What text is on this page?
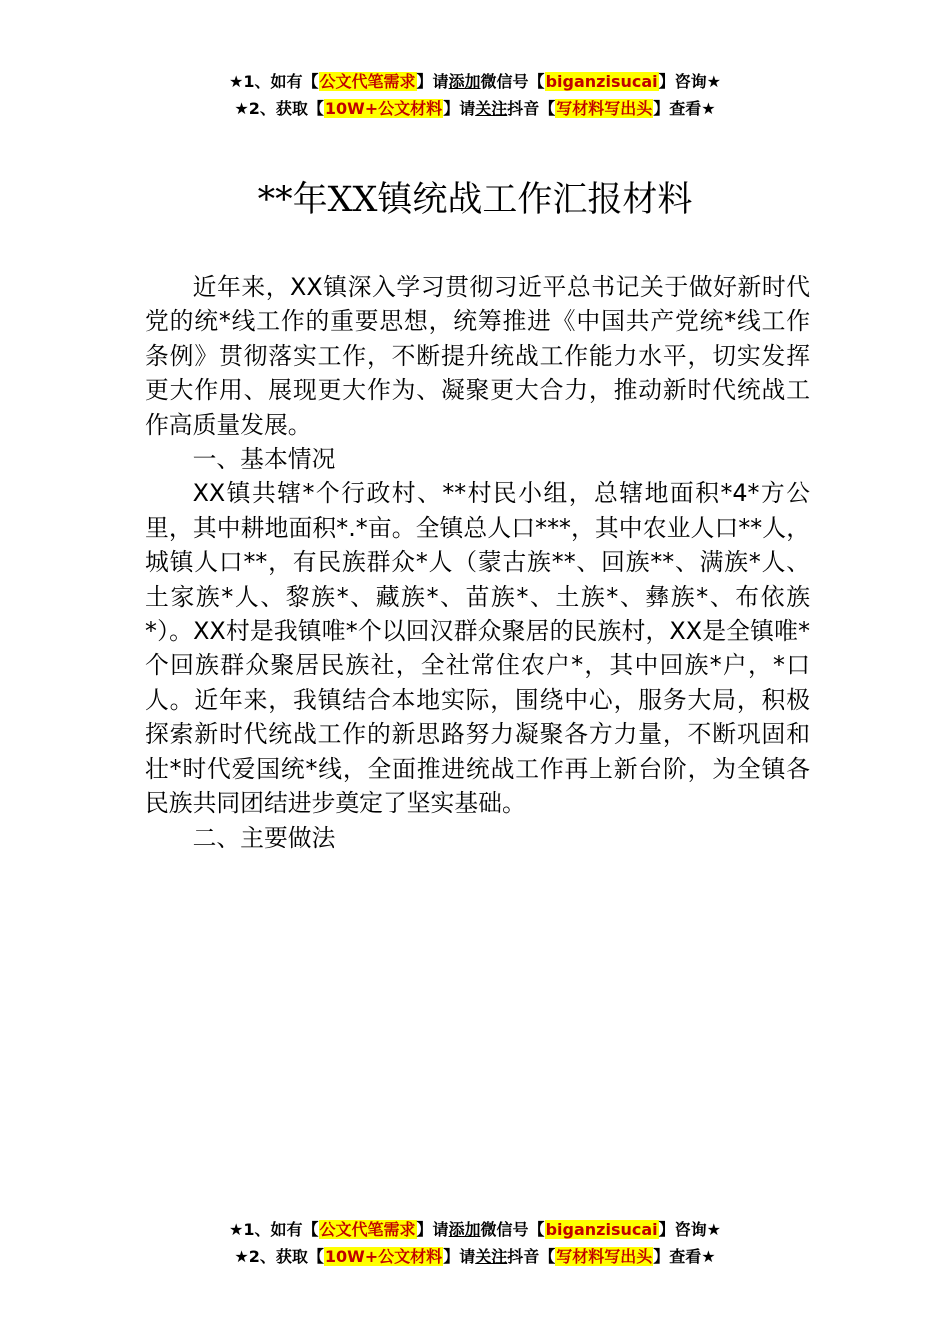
★1、如有【公文代笔需求】请添加微信号【biganzisucai】咨询★
★2、获取【10W+公文材料】请关注抖音【写材料写出头】查看★
**年XX镇统战工作汇报材料

近年来，XX镇深入学习贯彻习近平总书记关于做好新时代党的统*线工作的重要思想，统筹推进《中国共产党统*线工作条例》贯彻落实工作，不断提升统战工作能力水平，切实发挥更大作用、展现更大作为、凝聚更大合力，推动新时代统战工作高质量发展。

一、基本情况

XX镇共辖*个行政村、**村民小组，总辖地面积*4*方公里，其中耕地面积*.*亩。全镇总人口***，其中农业人口**人，城镇人口**，有民族群众*人（蒙古族**、回族**、满族*人、土家族*人、黎族*、藏族*、苗族*、土族*、彝族*、布依族*）。XX村是我镇唯*个以回汉群众聚居的民族村，XX是全镇唯*个回族群众聚居民族社，全社常住农户*，其中回族*户，*口人。近年来，我镇结合本地实际，围绕中心，服务大局，积极探索新时代统战工作的新思路努力凝聚各方力量，不断巩固和壮*时代爱国统*线，全面推进统战工作再上新台阶，为全镇各民族共同团结进步奠定了坚实基础。

二、主要做法

★1、如有【公文代笔需求】请添加微信号【biganzisucai】咨询★
★2、获取【10W+公文材料】请关注抖音【写材料写出头】查看★
